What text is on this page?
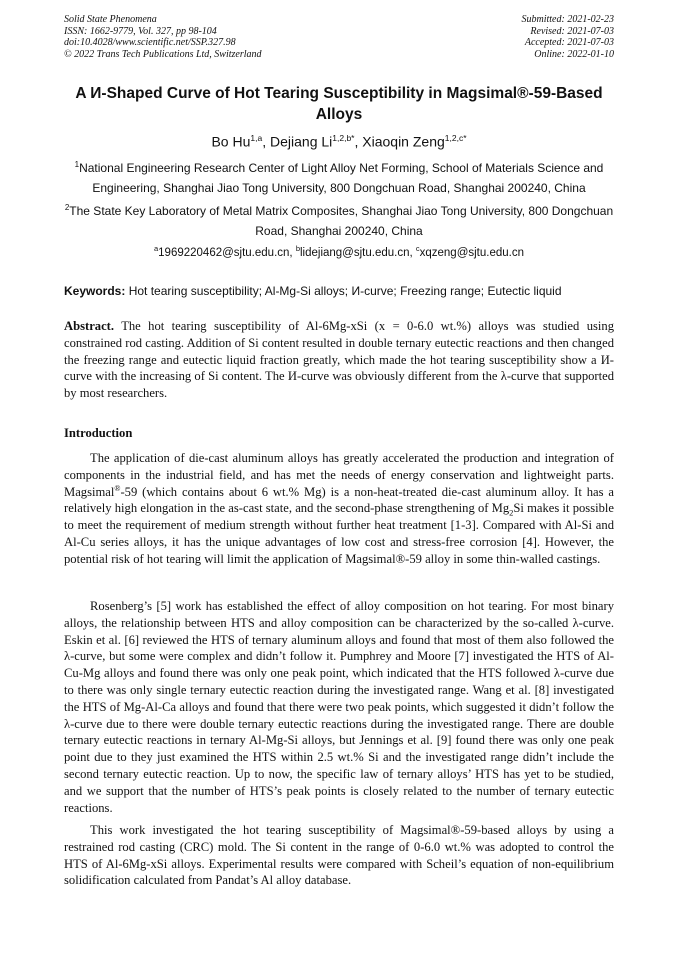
Solid State Phenomena
ISSN: 1662-9779, Vol. 327, pp 98-104
doi:10.4028/www.scientific.net/SSP.327.98
© 2022 Trans Tech Publications Ltd, Switzerland
Submitted: 2021-02-23
Revised: 2021-07-03
Accepted: 2021-07-03
Online: 2022-01-10
A И-Shaped Curve of Hot Tearing Susceptibility in Magsimal®-59-Based Alloys
Bo Hu$^{1,a}$, Dejiang $Li^{1,2,b*}$, Xiaoqin Zeng$^{1,2,c*}$
$^1$National Engineering Research Center of Light Alloy Net Forming, School of Materials Science and Engineering, Shanghai Jiao Tong University, 800 Dongchuan Road, Shanghai 200240, China
$^2$The State Key Laboratory of Metal Matrix Composites, Shanghai Jiao Tong University, 800 Dongchuan Road, Shanghai 200240, China
$^a$1969220462@sjtu.edu.cn, $^b$lidejiang@sjtu.edu.cn, $^c$xqzeng@sjtu.edu.cn
Keywords: Hot tearing susceptibility; Al-Mg-Si alloys; И-curve; Freezing range; Eutectic liquid
Abstract. The hot tearing susceptibility of Al-6Mg-xSi (x = 0-6.0 wt.%) alloys was studied using constrained rod casting. Addition of Si content resulted in double ternary eutectic reactions and then changed the freezing range and eutectic liquid fraction greatly, which made the hot tearing susceptibility show a И-curve with the increasing of Si content. The И-curve was obviously different from the λ-curve that supported by most researchers.
Introduction
The application of die-cast aluminum alloys has greatly accelerated the production and integration of components in the industrial field, and has met the needs of energy conservation and lightweight parts. Magsimal®-59 (which contains about 6 wt.% Mg) is a non-heat-treated die-cast aluminum alloy. It has a relatively high elongation in the as-cast state, and the second-phase strengthening of $Mg_2Si$ makes it possible to meet the requirement of medium strength without further heat treatment [1-3]. Compared with Al-Si and Al-Cu series alloys, it has the unique advantages of low cost and stress-free corrosion [4]. However, the potential risk of hot tearing will limit the application of Magsimal®-59 alloy in some thin-walled castings.
Rosenberg’s [5] work has established the effect of alloy composition on hot tearing. For most binary alloys, the relationship between HTS and alloy composition can be characterized by the so-called λ-curve. Eskin et al. [6] reviewed the HTS of ternary aluminum alloys and found that most of them also followed the λ-curve, but some were complex and didn’t follow it. Pumphrey and Moore [7] investigated the HTS of Al-Cu-Mg alloys and found there was only one peak point, which indicated that the HTS followed λ-curve due to there was only single ternary eutectic reaction during the investigated range. Wang et al. [8] investigated the HTS of Mg-Al-Ca alloys and found that there were two peak points, which suggested it didn’t follow the λ-curve due to there were double ternary eutectic reactions during the investigated range. There are double ternary eutectic reactions in ternary Al-Mg-Si alloys, but Jennings et al. [9] found there was only one peak point due to they just examined the HTS within 2.5 wt.% Si and the investigated range didn’t include the second ternary eutectic reaction. Up to now, the specific law of ternary alloys’ HTS has yet to be studied, and we support that the number of HTS’s peak points is closely related to the number of ternary eutectic reactions.
This work investigated the hot tearing susceptibility of Magsimal®-59-based alloys by using a restrained rod casting (CRC) mold. The Si content in the range of 0-6.0 wt.% was adopted to control the HTS of Al-6Mg-xSi alloys. Experimental results were compared with Scheil’s equation of non-equilibrium solidification calculated from Pandat’s Al alloy database.
